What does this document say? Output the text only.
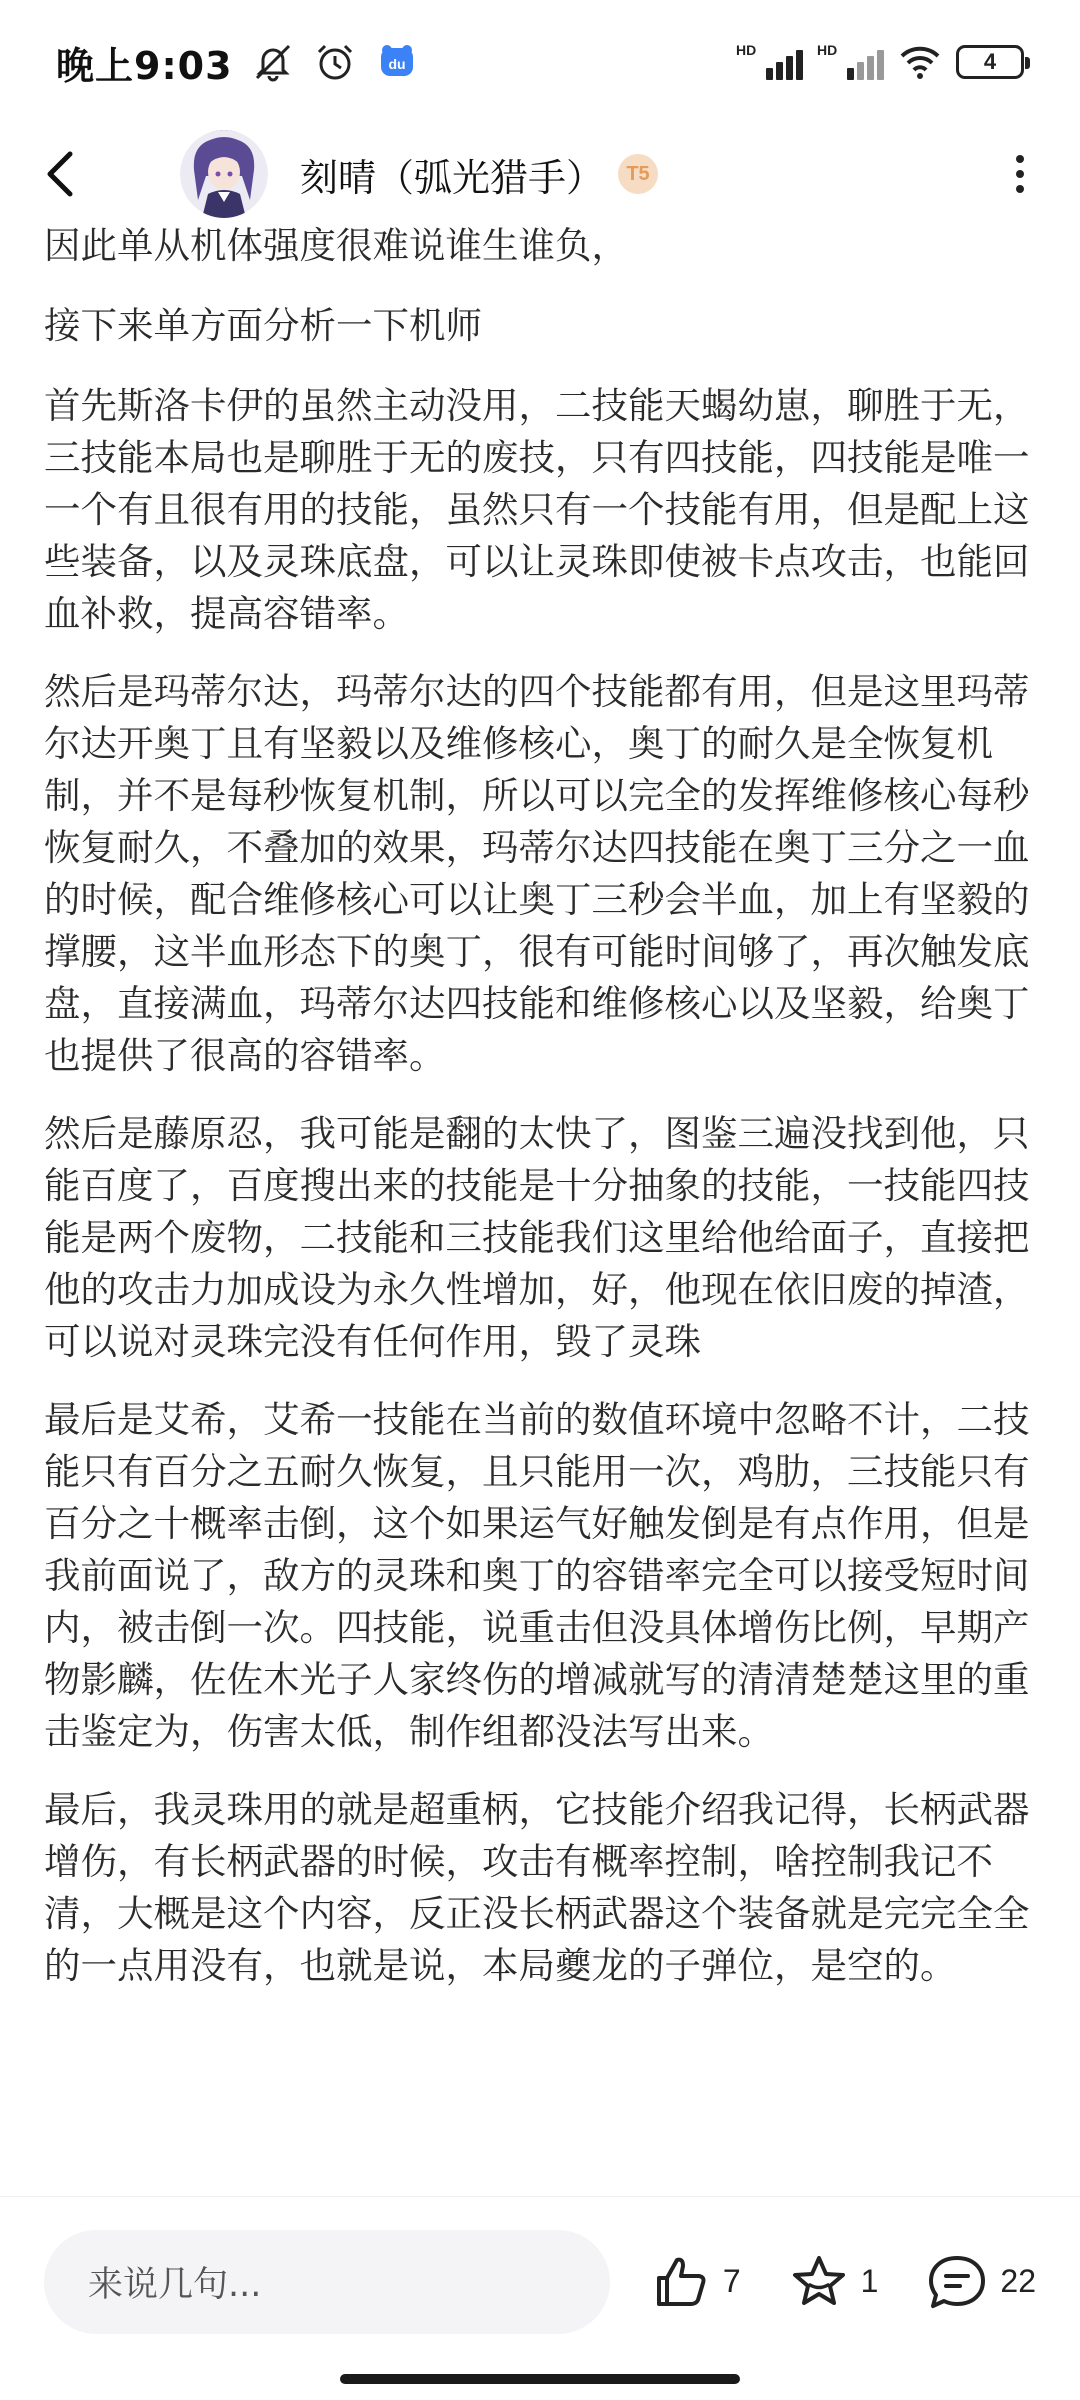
晚上9:03	du
HD	HD	4
刻晴（弧光猎手）	T5

因此单从机体强度很难说谁生谁负，

接下来单方面分析一下机师

首先斯洛卡伊的虽然主动没用，二技能天蝎幼崽，聊胜于无，三技能本局也是聊胜于无的废技，只有四技能，四技能是唯一一个有且很有用的技能，虽然只有一个技能有用，但是配上这些装备，以及灵珠底盘，可以让灵珠即使被卡点攻击，也能回血补救，提高容错率。

然后是玛蒂尔达，玛蒂尔达的四个技能都有用，但是这里玛蒂尔达开奥丁且有坚毅以及维修核心，奥丁的耐久是全恢复机制，并不是每秒恢复机制，所以可以完全的发挥维修核心每秒恢复耐久，不叠加的效果，玛蒂尔达四技能在奥丁三分之一血的时候，配合维修核心可以让奥丁三秒会半血，加上有坚毅的撑腰，这半血形态下的奥丁，很有可能时间够了，再次触发底盘，直接满血，玛蒂尔达四技能和维修核心以及坚毅，给奥丁也提供了很高的容错率。

然后是藤原忍，我可能是翻的太快了，图鉴三遍没找到他，只能百度了，百度搜出来的技能是十分抽象的技能，一技能四技能是两个废物，二技能和三技能我们这里给他给面子，直接把他的攻击力加成设为永久性增加，好，他现在依旧废的掉渣，可以说对灵珠完没有任何作用，毁了灵珠

最后是艾希，艾希一技能在当前的数值环境中忽略不计，二技能只有百分之五耐久恢复，且只能用一次，鸡肋，三技能只有百分之十概率击倒，这个如果运气好触发倒是有点作用，但是我前面说了，敌方的灵珠和奥丁的容错率完全可以接受短时间内，被击倒一次。四技能，说重击但没具体增伤比例，早期产物影麟，佐佐木光子人家终伤的增减就写的清清楚楚这里的重击鉴定为，伤害太低，制作组都没法写出来。

最后，我灵珠用的就是超重柄，它技能介绍我记得，长柄武器增伤，有长柄武器的时候，攻击有概率控制，啥控制我记不清，大概是这个内容，反正没长柄武器这个装备就是完完全全的一点用没有，也就是说，本局夔龙的子弹位，是空的。

来说几句...	7	1	22
